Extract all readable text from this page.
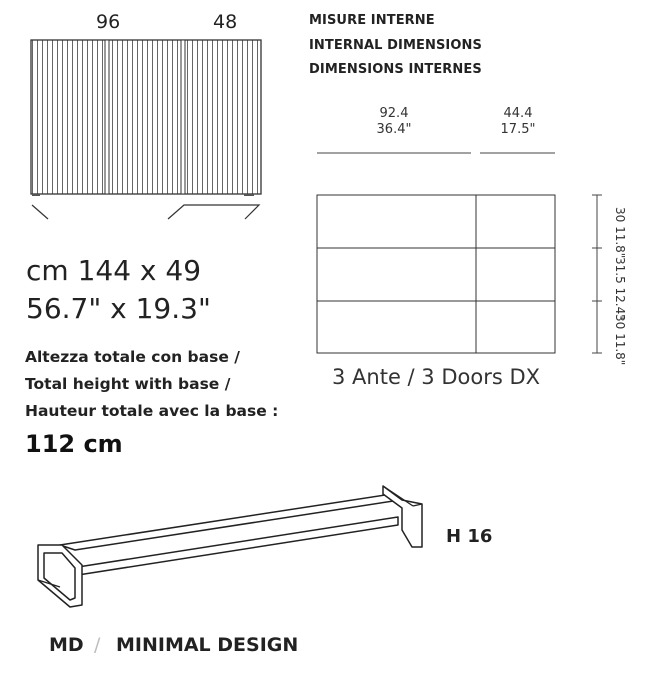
96	48	MISURE INTERNE
INTERNAL DIMENSIONS
DIMENSIONS INTERNES
92.4
36.4"
44.4
17.5"
30 11.8"
31.5 12.4"
30 11.8"
cm 144 x 49
56.7" x 19.3"
Altezza totale con base /
Total height with base /
Hauteur totale avec la base :
112 cm
3 Ante / 3 Doors DX
H 16
MD / MINIMAL DESIGN
